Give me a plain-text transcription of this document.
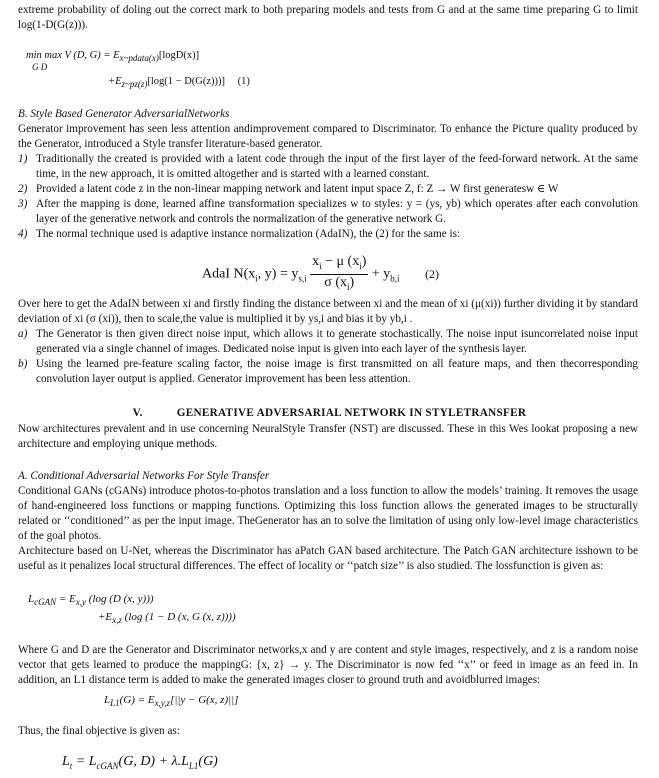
extreme probability of doling out the correct mark to both preparing models and tests from G and at the same time preparing G to limit log(1-D(G(z))).

min max V (D, $G) = E_{x\sim pdata(x)}[\log D(x)]$
G D
$+E_{z\sim pz(z)}[\log(1 - D(G(z)))]$ (1)

B. Style Based Generator AdversarialNetworks

Generator improvement has seen less attention andimprovement compared to Discriminator. To enhance the Picture quality produced by the Generator, introduced a Style transfer literature-based generator.

1) Traditionally the created is provided with a latent code through the input of the first layer of the feed-forward network. At the same time, in the new approach, it is omitted altogether and is started with a learned constant.
2) Provided a latent code z in the non-linear mapping network and latent input space Z, f: Z → W first generatesw ∈ W
3) After the mapping is done, learned affine transformation specializes w to styles: y = (ys, yb) which operates after each convolution layer of the generative network and controls the normalization of the generative network G.
4) The normal technique used is adaptive instance normalization (AdaIN), the (2) for the same is:
AdaI $N(x_i$, $y) = y_{s,i} \frac{x_i - \mu (x_i)}{\sigma (x_i)} + y_{b,i}$ (2)

Over here to get the AdaIN between xi and firstly finding the distance between xi and the mean of xi (μ(xi)) further dividing it by standard deviation of xi (σ (xi)), then to scale,the value is multiplied it by ys,i and bias it by yb,i .

a) The Generator is then given direct noise input, which allows it to generate stochastically. The noise input isuncorrelated noise input generated via a single channel of images. Dedicated noise input is given into each layer of the synthesis layer.
b) Using the learned pre-feature scaling factor, the noise image is first transmitted on all feature maps, and then thecorresponding convolution layer output is applied. Generator improvement has been less attention.
V.	GENERATIVE ADVERSARIAL NETWORK IN STYLETRANSFER

Now architectures prevalent and in use concerning NeuralStyle Transfer (NST) are discussed. These in this Wes lookat proposing a new architecture and employing unique methods.

A. Conditional Adversarial Networks For Style Transfer

Conditional GANs (cGANs) introduce photos-to-photos translation and a loss function to allow the models’ training. It removes the usage of hand-engineered loss functions or mapping functions. Optimizing this loss function allows the generated images to be structurally related or ‘‘conditioned’’ as per the input image. TheGenerator has an to solve the limitation of using only low-level image characteristics of the goal photos.

Architecture based on U-Net, whereas the Discriminator has aPatch GAN based architecture. The Patch GAN architecture isshown to be useful as it penalizes local structural differences. The effect of locality or ‘‘patch size’’ is also studied. The lossfunction is given as:

$L_{cGAN} = E_{x,y}$ (log (D (x, y)))
$+E_{x,z}$ (log (1 − D (x, G (x, z))))

Where G and D are the Generator and Discriminator networks,x and y are content and style images, respectively, and z is a random noise vector that gets learned to produce the mappingG: {x, z} → y. The Discriminator is now fed ‘‘x’’ or feed in image as an feed in. In addition, an L1 distance term is added to make the generated images closer to ground truth and avoidblurred images:

$L_{L1}(G) = E_{x,y,z}[||y - G(x$, z)||]

Thus, the final objective is given as:

$L_t = L_{cGAN}(G$, $D) + \lambda.L_{L1}(G)$
